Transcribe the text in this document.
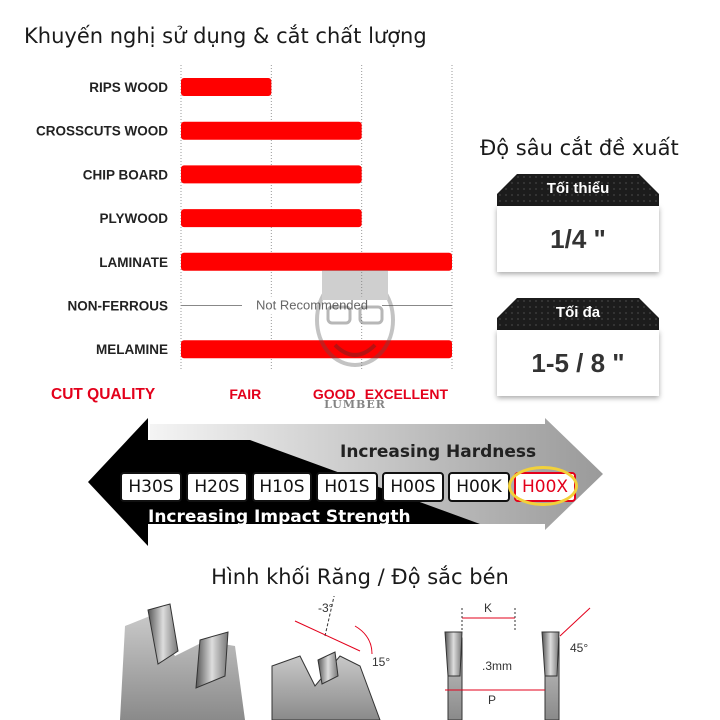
Khuyến nghị sử dụng & cắt chất lượng
Độ sâu cắt đề xuất
Not Recommended
RIPS WOOD
CROSSCUTS WOOD
CHIP BOARD
PLYWOOD
LAMINATE
NON-FERROUS
MELAMINE
FAIR	GOOD EXCELLENT
CUT QUALITY
Tối thiểu
1/4 "
Tối đa
1-5 / 8 "
LUMBER
H30S	H20S	H10S	H01S	H00S	H00K	H00X
Increasing Hardness
Increasing Impact Strength
Hình khối Răng / Độ sắc bén
-3°
15°
K
P
.3mm
45°
